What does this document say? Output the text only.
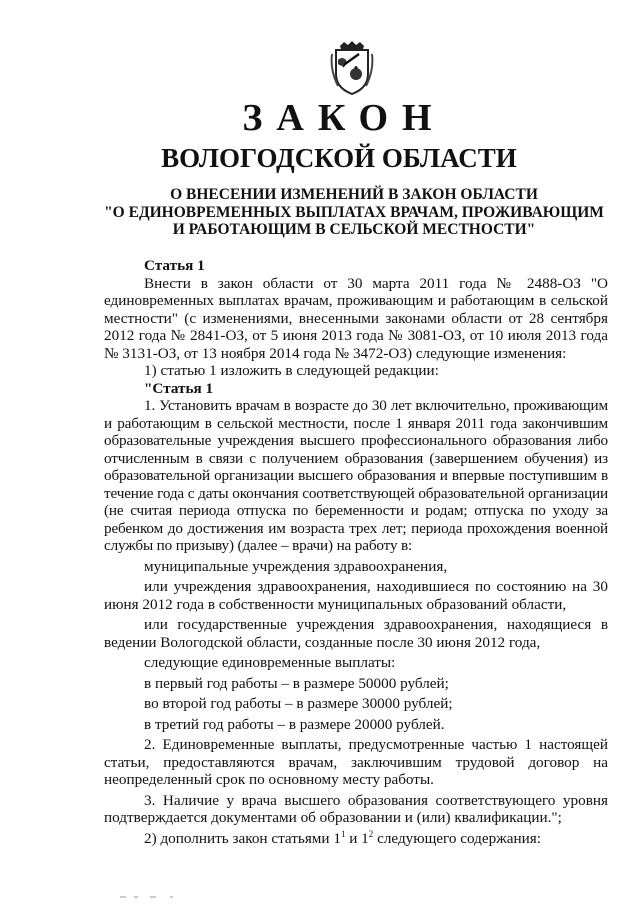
ЗАКОН
ВОЛОГОДСКОЙ ОБЛАСТИ
О ВНЕСЕНИИ ИЗМЕНЕНИЙ В ЗАКОН ОБЛАСТИ
"О ЕДИНОВРЕМЕННЫХ ВЫПЛАТАХ ВРАЧАМ, ПРОЖИВАЮЩИМ
И РАБОТАЮЩИМ В СЕЛЬСКОЙ МЕСТНОСТИ"

Статья 1

Внести в закон области от 30 марта 2011 года № 2488-ОЗ "О единовременных выплатах врачам, проживающим и работающим в сельской местности" (с изменениями, внесенными законами области от 28 сентября 2012 года № 2841-ОЗ, от 5 июня 2013 года № 3081-ОЗ, от 10 июля 2013 года № 3131-ОЗ, от 13 ноября 2014 года № 3472-ОЗ) следующие изменения:

1) статью 1 изложить в следующей редакции:

"Статья 1

1. Установить врачам в возрасте до 30 лет включительно, проживающим и работающим в сельской местности, после 1 января 2011 года закончившим образовательные учреждения высшего профессионального образования либо отчисленным в связи с получением образования (завершением обучения) из образовательной организации высшего образования и впервые поступившим в течение года с даты окончания соответствующей образовательной организации (не считая периода отпуска по беременности и родам; отпуска по уходу за ребенком до достижения им возраста трех лет; периода прохождения военной службы по призыву) (далее – врачи) на работу в:

муниципальные учреждения здравоохранения,

или учреждения здравоохранения, находившиеся по состоянию на 30 июня 2012 года в собственности муниципальных образований области,

или государственные учреждения здравоохранения, находящиеся в ведении Вологодской области, созданные после 30 июня 2012 года,

следующие единовременные выплаты:

в первый год работы – в размере 50000 рублей;

во второй год работы – в размере 30000 рублей;

в третий год работы – в размере 20000 рублей.

2. Единовременные выплаты, предусмотренные частью 1 настоящей статьи, предоставляются врачам, заключившим трудовой договор на неопределенный срок по основному месту работы.

3. Наличие у врача высшего образования соответствующего уровня подтверждается документами об образовании и (или) квалификации.";

2) дополнить закон статьями $1^1$ и $1^2$ следующего содержания:
